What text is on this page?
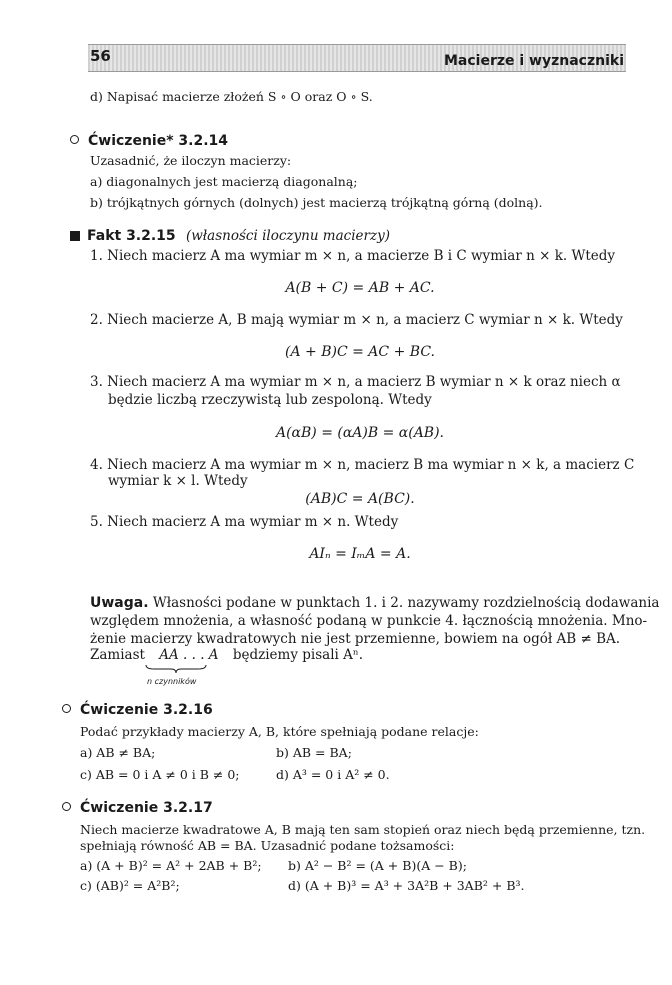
56	Macierze i wyznaczniki
d) Napisać macierze złożeń S ∘ O oraz O ∘ S.
Ćwiczenie* 3.2.14
Uzasadnić, że iloczyn macierzy:
a) diagonalnych jest macierzą diagonalną;
b) trójkątnych górnych (dolnych) jest macierzą trójkątną górną (dolną).
Fakt 3.2.15 (własności iloczynu macierzy)
1. Niech macierz A ma wymiar m × n, a macierze B i C wymiar n × k. Wtedy
A(B + C) = AB + AC.
2. Niech macierze A, B mają wymiar m × n, a macierz C wymiar n × k. Wtedy
(A + B)C = AC + BC.
3. Niech macierz A ma wymiar m × n, a macierz B wymiar n × k oraz niech α
będzie liczbą rzeczywistą lub zespoloną. Wtedy
A(αB) = (αA)B = α(AB).
4. Niech macierz A ma wymiar m × n, macierz B ma wymiar n × k, a macierz C
wymiar k × l. Wtedy
(AB)C = A(BC).
5. Niech macierz A ma wymiar m × n. Wtedy
AIₙ = IₘA = A.
Uwaga. Własności podane w punktach 1. i 2. nazywamy rozdzielnością dodawania
względem mnożenia, a własność podaną w punkcie 4. łącznością mnożenia. Mno-
żenie macierzy kwadratowych nie jest przemienne, bowiem na ogół AB ≠ BA.
Zamiast AA . . . A będziemy pisali Aⁿ.
n czynników
Ćwiczenie 3.2.16
Podać przykłady macierzy A, B, które spełniają podane relacje:
a) AB ≠ BA;	b) AB = BA;
c) AB = 0 i A ≠ 0 i B ≠ 0;	d) A³ = 0 i A² ≠ 0.
Ćwiczenie 3.2.17
Niech macierze kwadratowe A, B mają ten sam stopień oraz niech będą przemienne, tzn.
spełniają równość AB = BA. Uzasadnić podane tożsamości:
a) (A + B)² = A² + 2AB + B²; b) A² − B² = (A + B)(A − B);
c) (AB)² = A²B²;	d) (A + B)³ = A³ + 3A²B + 3AB² + B³.
